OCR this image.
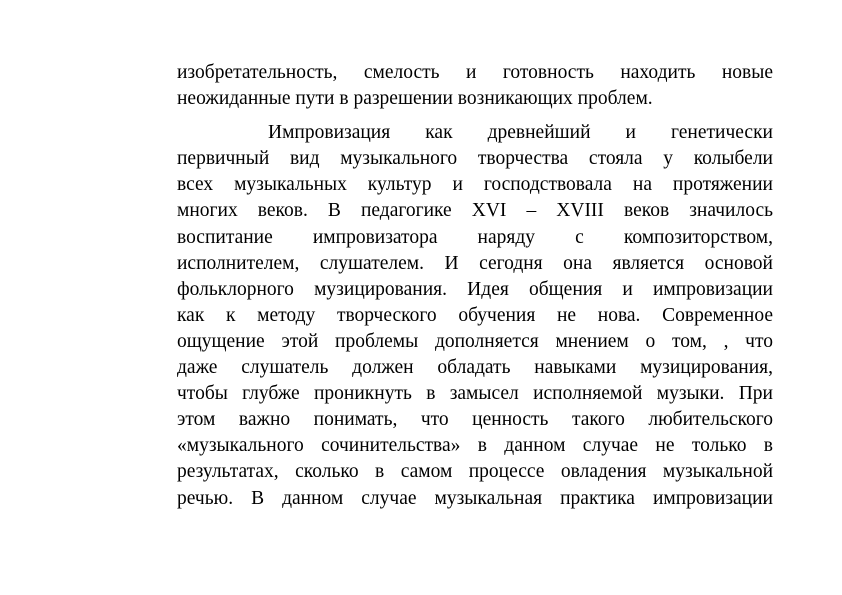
изобретательность, смелость и готовность находить новые
неожиданные пути в разрешении возникающих проблем.
Импровизация как древнейший и генетически
первичный вид музыкального творчества стояла у колыбели
всех музыкальных культур и господствовала на протяжении
многих веков. В педагогике XVI – XVIII веков значилось
воспитание импровизатора наряду с композиторством,
исполнителем, слушателем. И сегодня она является основой
фольклорного музицирования. Идея общения и импровизации
как к методу творческого обучения не нова. Современное
ощущение этой проблемы дополняется мнением о том, , что
даже слушатель должен обладать навыками музицирования,
чтобы глубже проникнуть в замысел исполняемой музыки. При
этом важно понимать, что ценность такого любительского
«музыкального сочинительства» в данном случае не только в
результатах, сколько в самом процессе овладения музыкальной
речью. В данном случае музыкальная практика импровизации
